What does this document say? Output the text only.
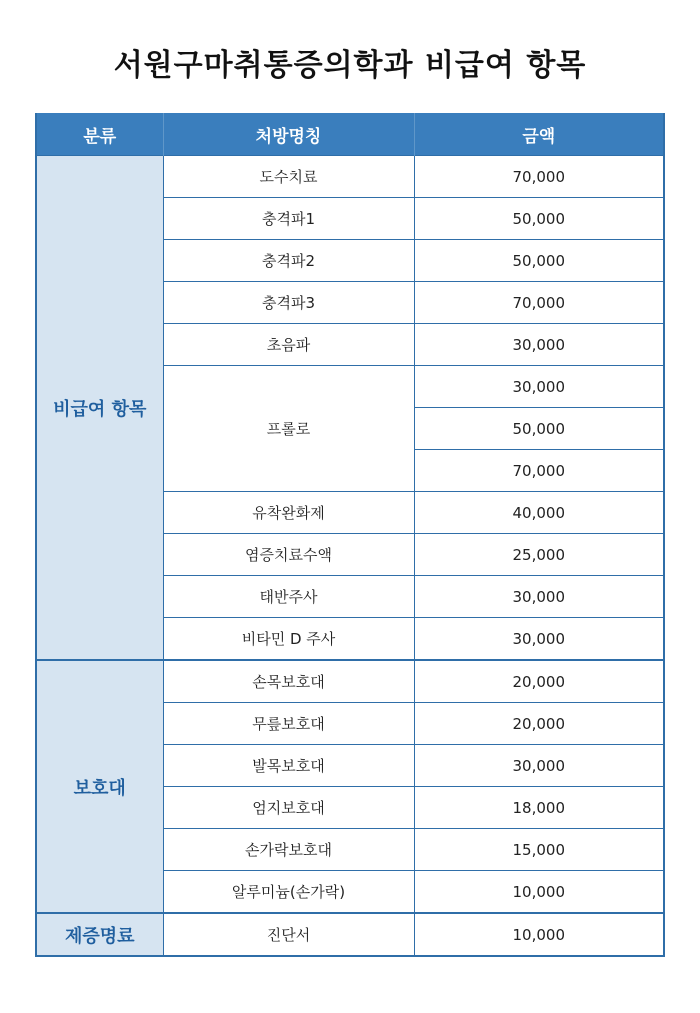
서원구마취통증의학과 비급여 항목
분류	처방명칭	금액
비급여 항목	도수치료	70,000
	충격파1	50,000
	충격파2	50,000
	충격파3	70,000
	초음파	30,000
	프롤로	30,000
		50,000
		70,000
	유착완화제	40,000
	염증치료수액	25,000
	태반주사	30,000
	비타민 D 주사	30,000
보호대	손목보호대	20,000
	무릎보호대	20,000
	발목보호대	30,000
	엄지보호대	18,000
	손가락보호대	15,000
	알루미늄(손가락)	10,000
제증명료	진단서	10,000
